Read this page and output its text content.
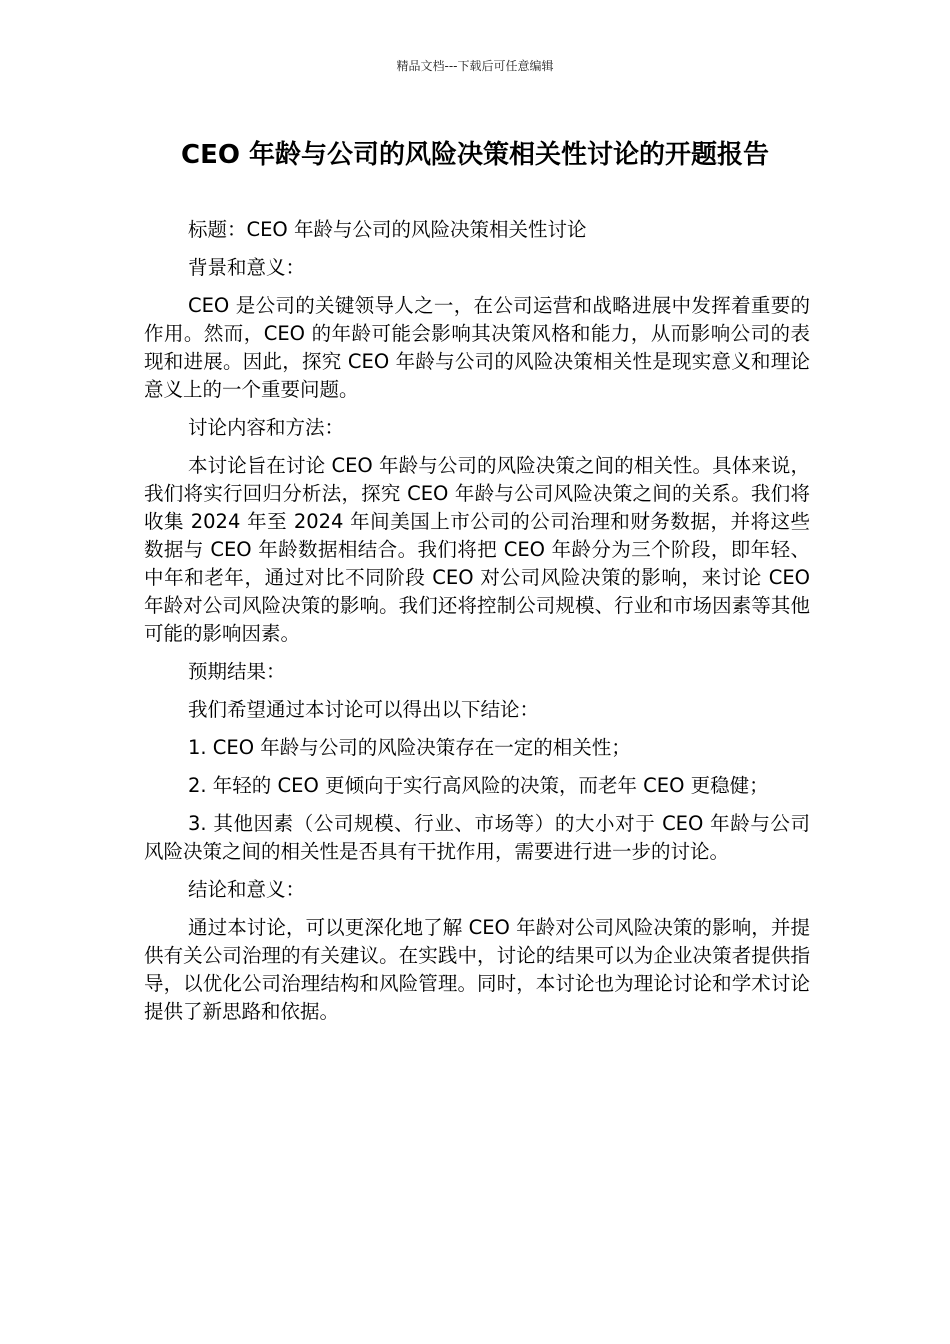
精品文档---下载后可任意编辑
CEO 年龄与公司的风险决策相关性讨论的开题报告

标题：CEO 年龄与公司的风险决策相关性讨论

背景和意义：

CEO 是公司的关键领导人之一，在公司运营和战略进展中发挥着重要的作用。然而，CEO 的年龄可能会影响其决策风格和能力，从而影响公司的表现和进展。因此，探究 CEO 年龄与公司的风险决策相关性是现实意义和理论意义上的一个重要问题。

讨论内容和方法：

本讨论旨在讨论 CEO 年龄与公司的风险决策之间的相关性。具体来说，我们将实行回归分析法，探究 CEO 年龄与公司风险决策之间的关系。我们将收集 2024 年至 2024 年间美国上市公司的公司治理和财务数据，并将这些数据与 CEO 年龄数据相结合。我们将把 CEO 年龄分为三个阶段，即年轻、中年和老年，通过对比不同阶段 CEO 对公司风险决策的影响，来讨论 CEO 年龄对公司风险决策的影响。我们还将控制公司规模、行业和市场因素等其他可能的影响因素。

预期结果：

我们希望通过本讨论可以得出以下结论：

1. CEO 年龄与公司的风险决策存在一定的相关性；

2. 年轻的 CEO 更倾向于实行高风险的决策，而老年 CEO 更稳健；

3. 其他因素（公司规模、行业、市场等）的大小对于 CEO 年龄与公司风险决策之间的相关性是否具有干扰作用，需要进行进一步的讨论。

结论和意义：

通过本讨论，可以更深化地了解 CEO 年龄对公司风险决策的影响，并提供有关公司治理的有关建议。在实践中，讨论的结果可以为企业决策者提供指导，以优化公司治理结构和风险管理。同时，本讨论也为理论讨论和学术讨论提供了新思路和依据。
